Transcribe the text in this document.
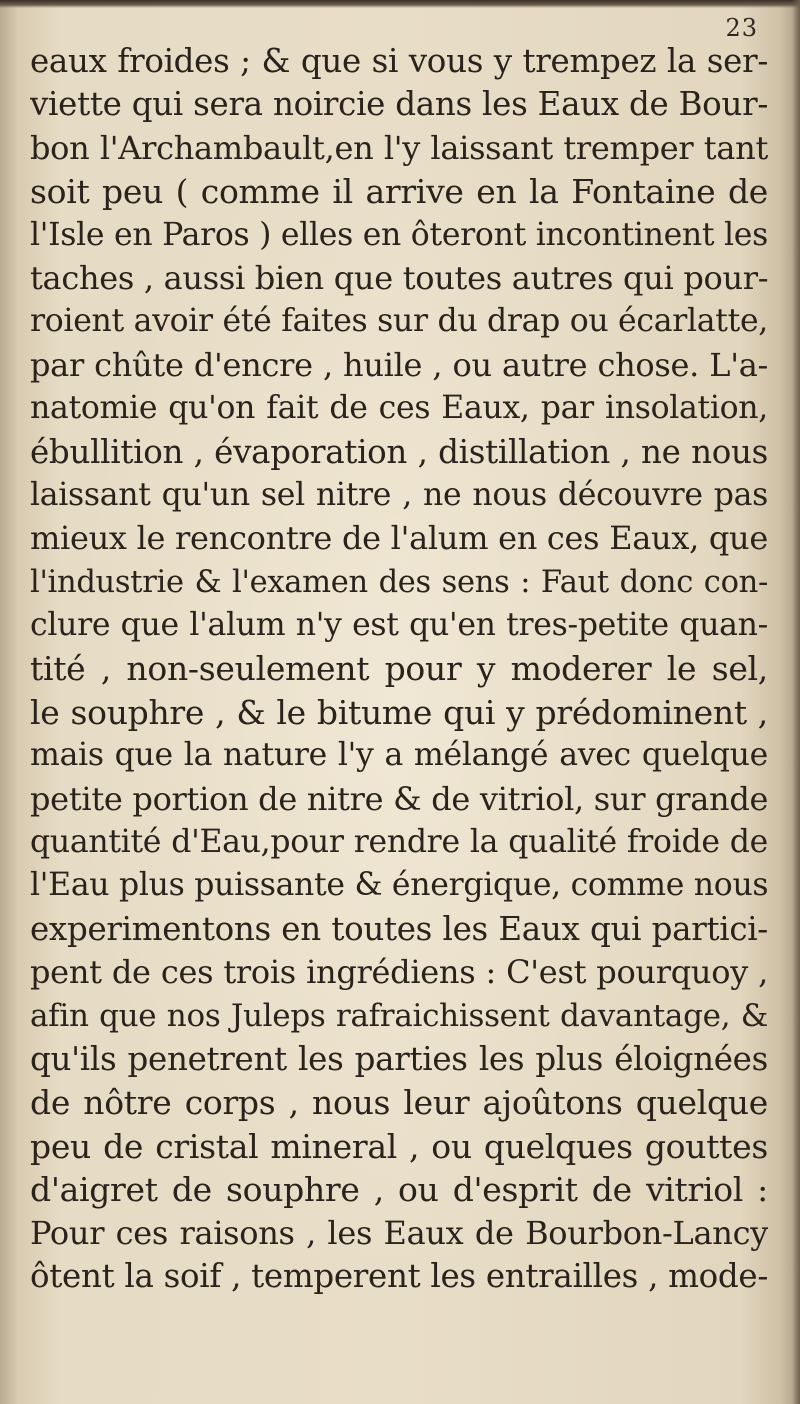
23
eaux froides ; & que si vous y trempez la ser-
viette qui sera noircie dans les Eaux de Bour-
bon l'Archambault,en l'y laissant tremper tant
soit peu ( comme il arrive en la Fontaine de
l'Isle en Paros ) elles en ôteront incontinent les
taches , aussi bien que toutes autres qui pour-
roient avoir été faites sur du drap ou écarlatte,
par chûte d'encre , huile , ou autre chose. L'a-
natomie qu'on fait de ces Eaux, par insolation,
ébullition , évaporation , distillation , ne nous
laissant qu'un sel nitre , ne nous découvre pas
mieux le rencontre de l'alum en ces Eaux, que
l'industrie & l'examen des sens : Faut donc con-
clure que l'alum n'y est qu'en tres-petite quan-
tité , non-seulement pour y moderer le sel,
le souphre , & le bitume qui y prédominent ,
mais que la nature l'y a mélangé avec quelque
petite portion de nitre & de vitriol, sur grande
quantité d'Eau,pour rendre la qualité froide de
l'Eau plus puissante & énergique, comme nous
experimentons en toutes les Eaux qui partici-
pent de ces trois ingrédiens : C'est pourquoy ,
afin que nos Juleps rafraichissent davantage, &
qu'ils penetrent les parties les plus éloignées
de nôtre corps , nous leur ajoûtons quelque
peu de cristal mineral , ou quelques gouttes
d'aigret de souphre , ou d'esprit de vitriol :
Pour ces raisons , les Eaux de Bourbon-Lancy
ôtent la soif , temperent les entrailles , mode-
